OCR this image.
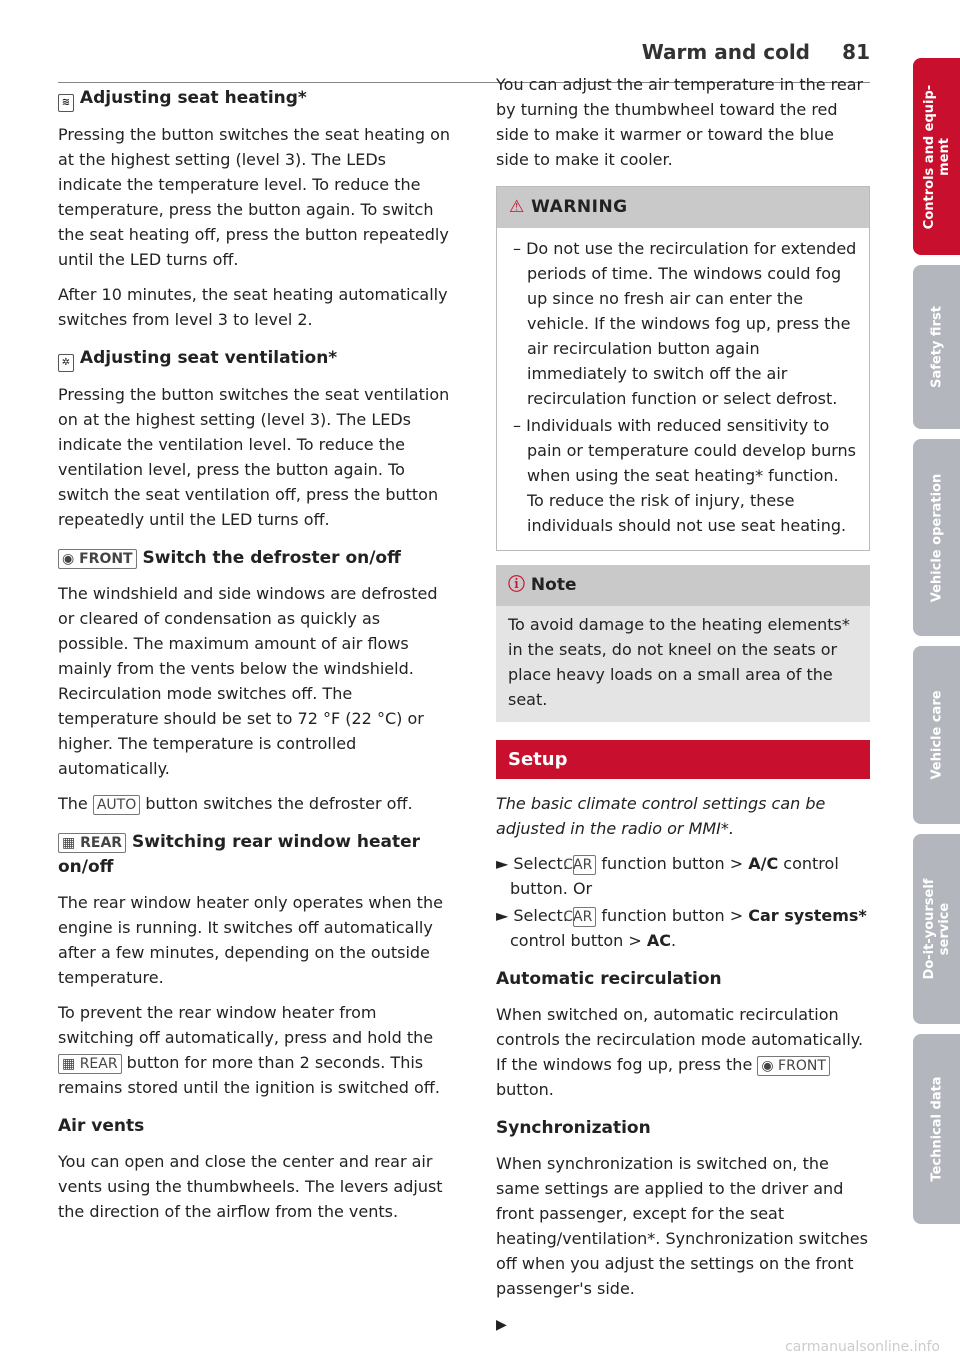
Warm and cold 81
≋ Adjusting seat heating*

Pressing the button switches the seat heating on at the highest setting (level 3). The LEDs indicate the temperature level. To reduce the temperature, press the button again. To switch the seat heating off, press the button repeatedly until the LED turns off.

After 10 minutes, the seat heating automatically switches from level 3 to level 2.

✲ Adjusting seat ventilation*

Pressing the button switches the seat ventilation on at the highest setting (level 3). The LEDs indicate the ventilation level. To reduce the ventilation level, press the button again. To switch the seat ventilation off, press the button repeatedly until the LED turns off.

◉ FRONT Switch the defroster on/off

The windshield and side windows are defrosted or cleared of condensation as quickly as possible. The maximum amount of air flows mainly from the vents below the windshield. Recirculation mode switches off. The temperature should be set to 72 °F (22 °C) or higher. The temperature is controlled automatically.

The AUTO button switches the defroster off.

▦ REAR Switching rear window heater on/off

The rear window heater only operates when the engine is running. It switches off automatically after a few minutes, depending on the outside temperature.

To prevent the rear window heater from switching off automatically, press and hold the ▦ REAR button for more than 2 seconds. This remains stored until the ignition is switched off.

Air vents

You can open and close the center and rear air vents using the thumbwheels. The levers adjust the direction of the airflow from the vents.

You can adjust the air temperature in the rear by turning the thumbwheel toward the red side to make it warmer or toward the blue side to make it cooler.

⚠ WARNING
– Do not use the recirculation for extended periods of time. The windows could fog up since no fresh air can enter the vehicle. If the windows fog up, press the air recirculation button again immediately to switch off the air recirculation function or select defrost.
– Individuals with reduced sensitivity to pain or temperature could develop burns when using the seat heating* function. To reduce the risk of injury, these individuals should not use seat heating.
ⓘ Note
To avoid damage to the heating elements* in the seats, do not kneel on the seats or place heavy loads on a small area of the seat.
Setup

The basic climate control settings can be adjusted in the radio or MMI*.

► Select: CAR function button > A/C control button. Or
► Select: CAR function button > Car systems* control button > AC.
Automatic recirculation

When switched on, automatic recirculation controls the recirculation mode automatically. If the windows fog up, press the ◉ FRONT button.

Synchronization

When synchronization is switched on, the same settings are applied to the driver and front passenger, except for the seat heating/ventilation*. Synchronization switches off when you adjust the settings on the front passenger's side.

▶
Controls and equip-
ment
Safety first
Vehicle operation
Vehicle care
Do-it-yourself
service
Technical data
carmanualsonline.info
